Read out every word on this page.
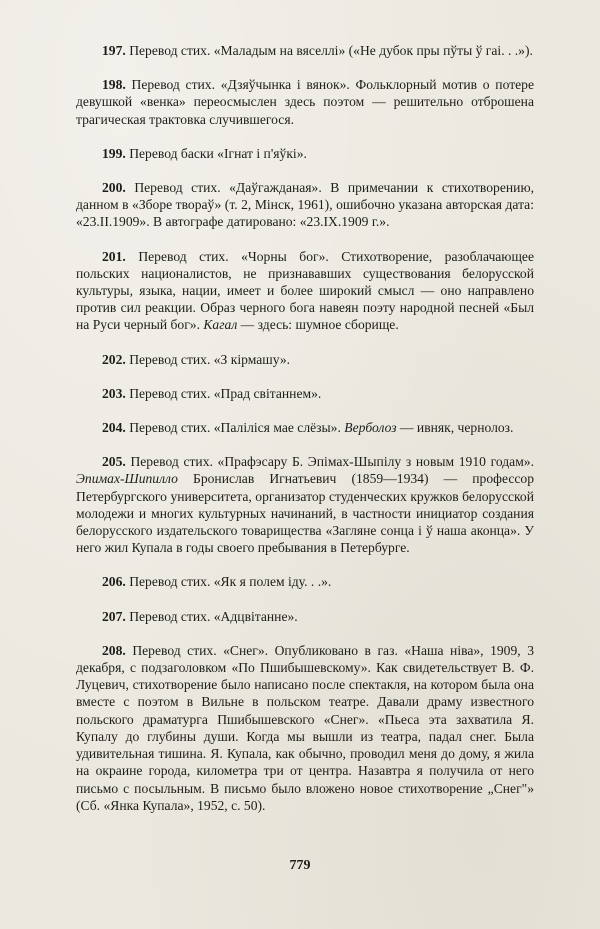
197. Перевод стих. «Маладым на вяселлі» («Не дубок пры пўты ў гаі. . .»).

198. Перевод стих. «Дзяўчынка і вянок». Фольклорный мотив о потере девушкой «венка» переосмыслен здесь поэтом — решительно отброшена трагическая трактовка случившегося.

199. Перевод баски «Ігнат і п'яўкі».

200. Перевод стих. «Даўгажданая». В примечании к стихотворению, данном в «Зборе твораў» (т. 2, Мінск, 1961), ошибочно указана авторская дата: «23.ІІ.1909». В автографе датировано: «23.ІХ.1909 г.».

201. Перевод стих. «Чорны бог». Стихотворение, разоблачающее польских националистов, не признававших существования белорусской культуры, языка, нации, имеет и более широкий смысл — оно направлено против сил реакции. Образ черного бога навеян поэту народной песней «Был на Руси черный бог». Кагал — здесь: шумное сборище.

202. Перевод стих. «З кірмашу».

203. Перевод стих. «Прад світаннем».

204. Перевод стих. «Паліліся мае слёзы». Верболоз — ивняк, чернолоз.

205. Перевод стих. «Прафэсару Б. Эпімах-Шыпілу з новым 1910 годам». Эпимах-Шипилло Бронислав Игнатьевич (1859—1934) — профессор Петербургского университета, организатор студенческих кружков белорусской молодежи и многих культурных начинаний, в частности инициатор создания белорусского издательского товарищества «Загляне сонца і ў наша аконца». У него жил Купала в годы своего пребывания в Петербурге.

206. Перевод стих. «Як я полем іду. . .».

207. Перевод стих. «Адцвітанне».

208. Перевод стих. «Снег». Опубликовано в газ. «Наша ніва», 1909, 3 декабря, с подзаголовком «По Пшибышевскому». Как свидетельствует В. Ф. Луцевич, стихотворение было написано после спектакля, на котором была она вместе с поэтом в Вильне в польском театре. Давали драму известного польского драматурга Пшибышевского «Снег». «Пьеса эта захватила Я. Купалу до глубины души. Когда мы вышли из театра, падал снег. Была удивительная тишина. Я. Купала, как обычно, проводил меня до дому, я жила на окраине города, километра три от центра. Назавтра я получила от него письмо с посыльным. В письмо было вложено новое стихотворение „Снег"» (Сб. «Янка Купала», 1952, с. 50).

779
